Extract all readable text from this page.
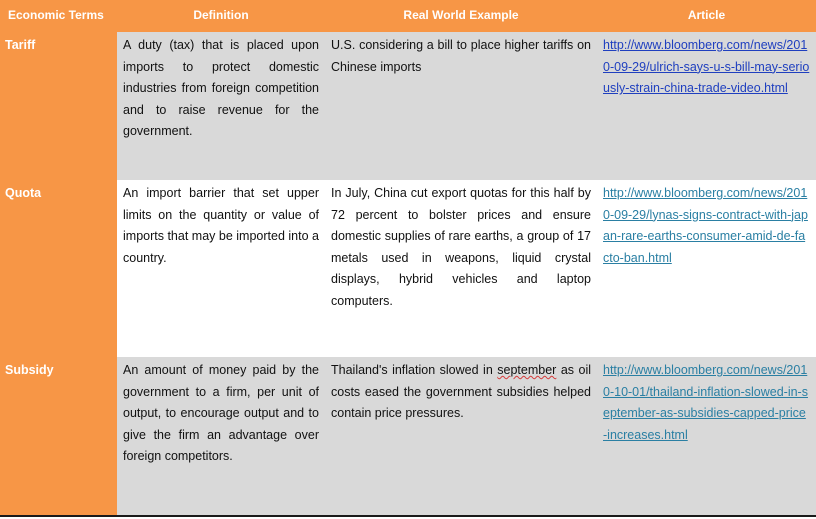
Economic Terms	Definition	Real World Example	Article
Tariff	A duty (tax) that is placed upon imports to protect domestic industries from foreign competition and to raise revenue for the government.	U.S. considering a bill to place higher tariffs on Chinese imports	http://www.bloomberg.com/news/2010-09-29/ulrich-says-u-s-bill-may-seriously-strain-china-trade-video.html
Quota	An import barrier that set upper limits on the quantity or value of imports that may be imported into a country.	In July, China cut export quotas for this half by 72 percent to bolster prices and ensure domestic supplies of rare earths, a group of 17 metals used in weapons, liquid crystal displays, hybrid vehicles and laptop computers.	http://www.bloomberg.com/news/2010-09-29/lynas-signs-contract-with-japan-rare-earths-consumer-amid-de-facto-ban.html
Subsidy	An amount of money paid by the government to a firm, per unit of output, to encourage output and to give the firm an advantage over foreign competitors.	Thailand's inflation slowed in september as oil costs eased the government subsidies helped contain price pressures.	http://www.bloomberg.com/news/2010-10-01/thailand-inflation-slowed-in-september-as-subsidies-capped-price-increases.html
